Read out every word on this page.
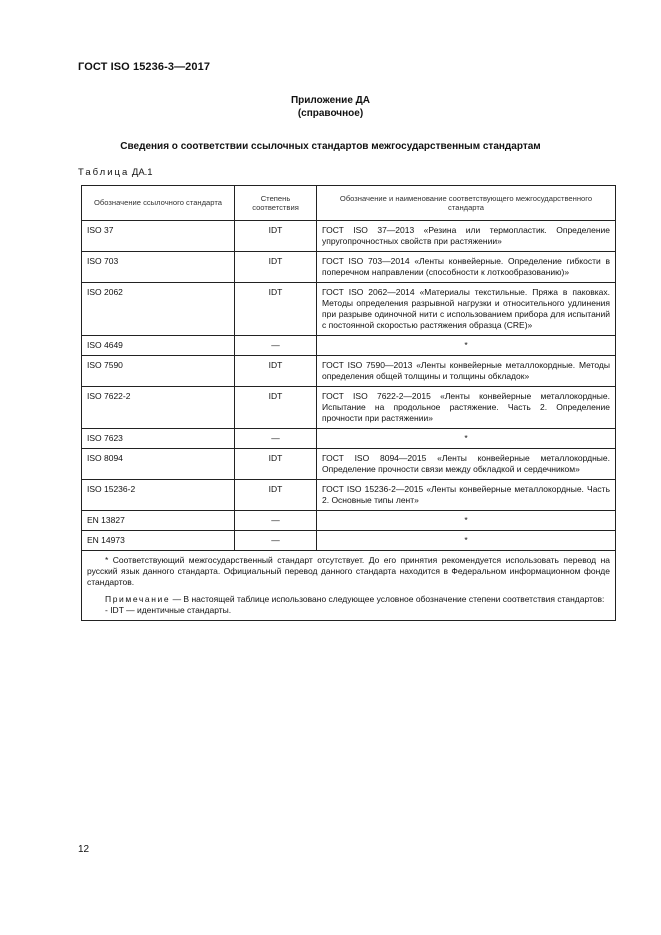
ГОСТ ISO 15236-3—2017
Приложение ДА
(справочное)
Сведения о соответствии ссылочных стандартов межгосударственным стандартам
Таблица ДА.1
Обозначение ссылочного стандарта	Степень соответствия	Обозначение и наименование соответствующего межгосударственного стандарта
ISO 37	IDT	ГОСТ ISO 37—2013 «Резина или термопластик. Определение упругопрочностных свойств при растяжении»
ISO 703	IDT	ГОСТ ISO 703—2014 «Ленты конвейерные. Определение гибкости в поперечном направлении (способности к лоткообразованию)»
ISO 2062	IDT	ГОСТ ISO 2062—2014 «Материалы текстильные. Пряжа в паковках. Методы определения разрывной нагрузки и относительного удлинения при разрыве одиночной нити с использованием прибора для испытаний с постоянной скоростью растяжения образца (CRE)»
ISO 4649	—	*
ISO 7590	IDT	ГОСТ ISO 7590—2013 «Ленты конвейерные металлокордные. Методы определения общей толщины и толщины обкладок»
ISO 7622-2	IDT	ГОСТ ISO 7622-2—2015 «Ленты конвейерные металлокордные. Испытание на продольное растяжение. Часть 2. Определение прочности при растяжении»
ISO 7623	—	*
ISO 8094	IDT	ГОСТ ISO 8094—2015 «Ленты конвейерные металлокордные. Определение прочности связи между обкладкой и сердечником»
ISO 15236-2	IDT	ГОСТ ISO 15236-2—2015 «Ленты конвейерные металлокордные. Часть 2. Основные типы лент»
EN 13827	—	*
EN 14973	—	*

* Соответствующий межгосударственный стандарт отсутствует. До его принятия рекомендуется использовать перевод на русский язык данного стандарта. Официальный перевод данного стандарта находится в Федеральном информационном фонде стандартов.

Примечание — В настоящей таблице использовано следующее условное обозначение степени соответствия стандартов:

- IDT — идентичные стандарты.		

12
